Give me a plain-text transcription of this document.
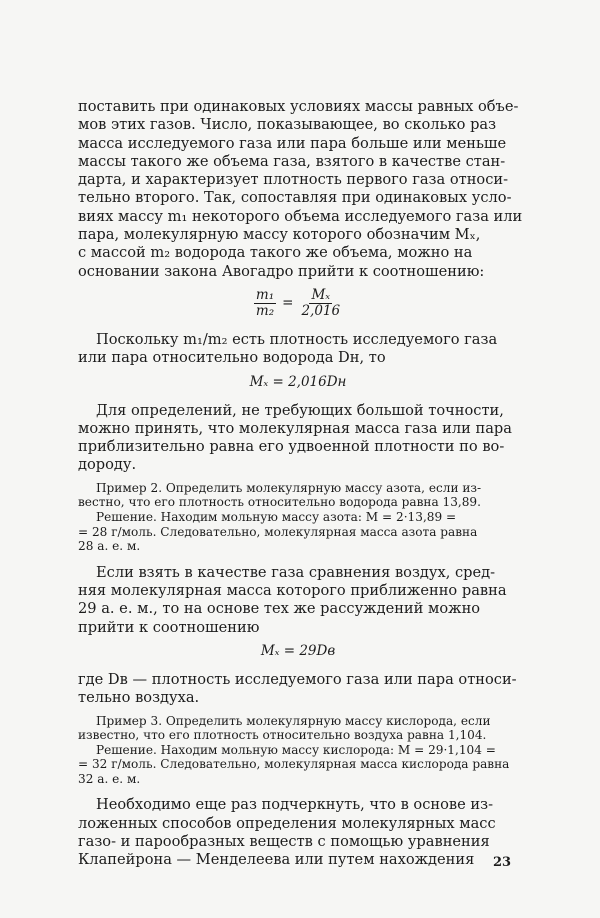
поставить при одинаковых условиях массы равных объе-
мов этих газов. Число, показывающее, во сколько раз
масса исследуемого газа или пара больше или меньше
массы такого же объема газа, взятого в качестве стан-
дарта, и характеризует плотность первого газа относи-
тельно второго. Так, сопоставляя при одинаковых усло-
виях массу m₁ некоторого объема исследуемого газа или
пара, молекулярную массу которого обозначим Mₓ,
с массой m₂ водорода такого же объема, можно на
основании закона Авогадро прийти к соотношению:

$\frac{\text{m₁}}{\text{m₂}} = \frac{\text{Mₓ}}{2,016}$

Поскольку m₁/m₂ есть плотность исследуемого газа
или пара относительно водорода Dн, то

Mₓ = 2,016Dн

Для определений, не требующих большой точности,
можно принять, что молекулярная масса газа или пара
приблизительно равна его удвоенной плотности по во-
дороду.

Пример 2. Определить молекулярную массу азота, если из-
вестно, что его плотность относительно водорода равна 13,89.
Решение. Находим мольную массу азота: M = 2·13,89 =
= 28 г/моль. Следовательно, молекулярная масса азота равна
28 а. е. м.

Если взять в качестве газа сравнения воздух, сред-
няя молекулярная масса которого приближенно равна
29 а. е. м., то на основе тех же рассуждений можно
прийти к соотношению

Mₓ = 29Dв

где Dв — плотность исследуемого газа или пара относи-
тельно воздуха.

Пример 3. Определить молекулярную массу кислорода, если
известно, что его плотность относительно воздуха равна 1,104.
Решение. Находим мольную массу кислорода: M = 29·1,104 =
= 32 г/моль. Следовательно, молекулярная масса кислорода равна
32 а. е. м.

Необходимо еще раз подчеркнуть, что в основе из-
ложенных способов определения молекулярных масс
газо- и парообразных веществ с помощью уравнения
Клапейрона — Менделеева или путем нахождения	23
